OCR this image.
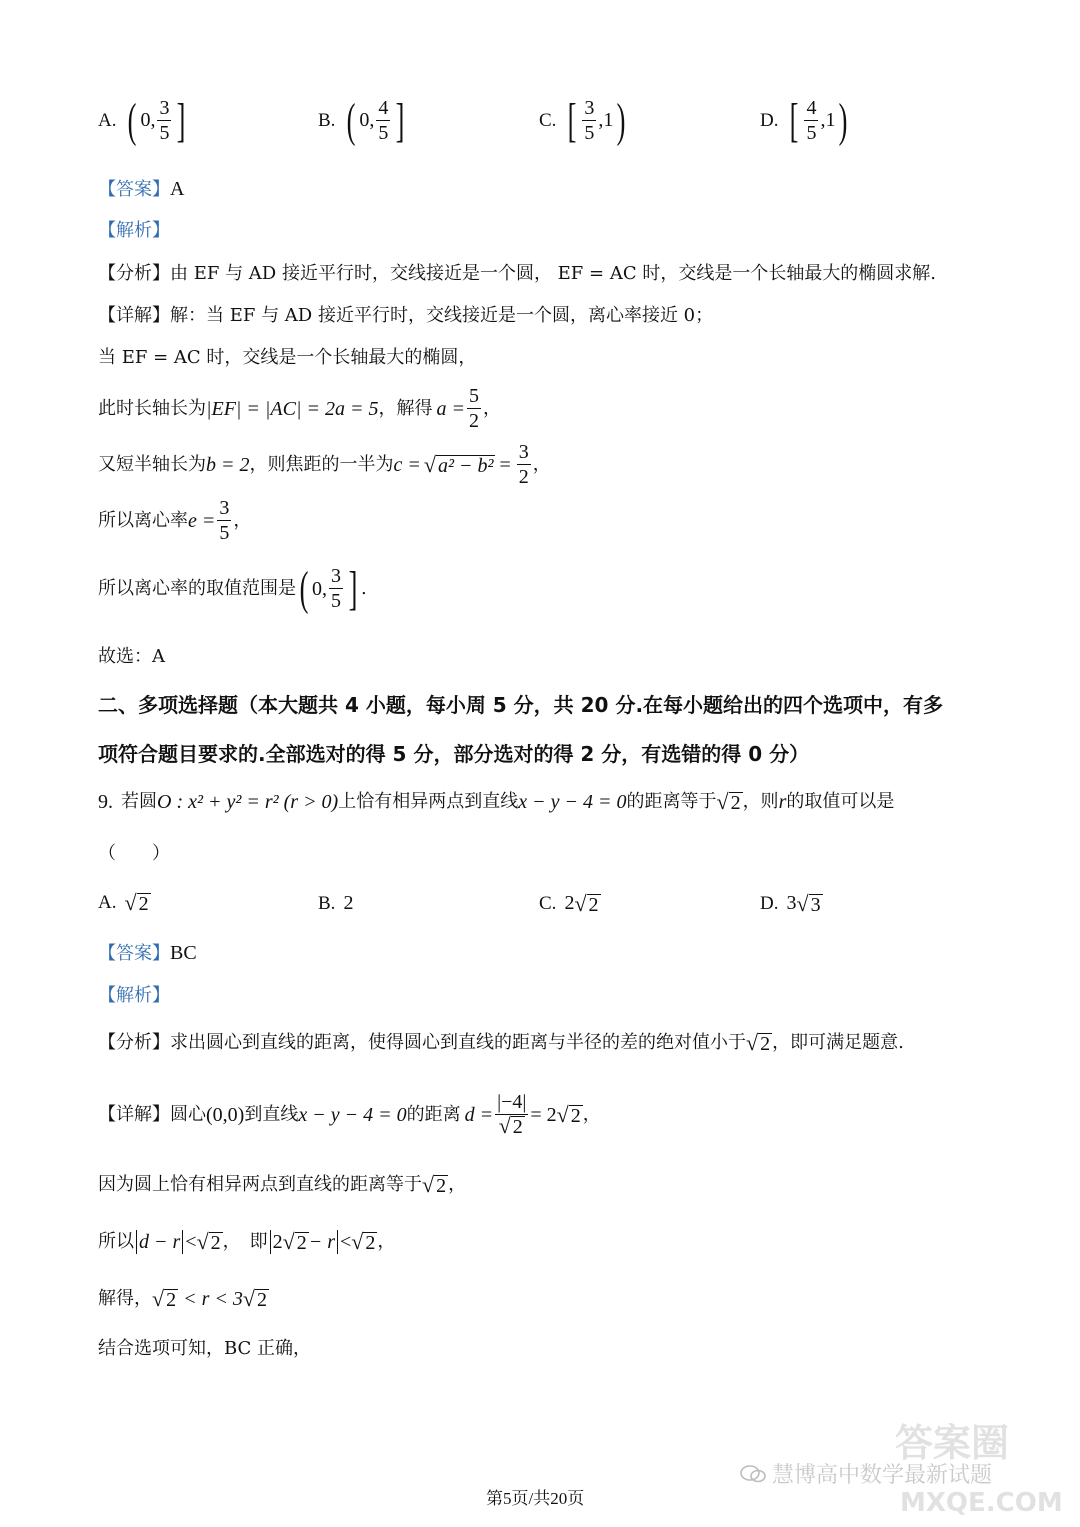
A. ( 0, $\frac{3}{5}$ ]	B. ( 0, $\frac{4}{5}$ ]	C. [ $\frac{3}{5} ,1$ )	D. [ $\frac{4}{5} ,1$ )
【答案】A
【解析】
【分析】由 EF 与 AD 接近平行时，交线接近是一个圆， EF = AC 时，交线是一个长轴最大的椭圆求解.
【详解】解：当 EF 与 AD 接近平行时，交线接近是一个圆，离心率接近 0；
当 EF = AC 时，交线是一个长轴最大的椭圆，
此时长轴长为 |EF| = |AC| = 2a = 5 ，解得 $a = \frac{5}{2}$ ，
又短半轴长为 b = 2 ，则焦距的一半为 c = √ $a^2 - b^2 = \frac{3}{2}$ ，
所以离心率 $e = \frac{3}{5}$ ，
所以离心率的取值范围是 ( 0, $\frac{3}{5}$ ] .
故选：A
二、多项选择题（本大题共 4 小题，每小周 5 分，共 20 分.在每小题给出的四个选项中，有多
项符合题目要求的.全部选对的得 5 分，部分选对的得 2 分，有选错的得 0 分）
9. 若圆 O : x² + y² = r² (r > 0) 上恰有相异两点到直线 x − y − 4 = 0 的距离等于 √ 2 ，则 r 的取值可以是
（　　）
A. √ 2	B. 2	C. 2 √ 2	D. 3 √ 3
【答案】BC
【解析】
【分析】 求出圆心到直线的距离，使得圆心到直线的距离与半径的差的绝对值小于 √ 2 ，即可满足题意.
【详解】 圆心 (0,0) 到直线 x − y − 4 = 0 的距离 $d = \frac{|-4|}{√ 2} = 2$ √ 2 ，
因为圆上恰有相异两点到直线的距离等于 √ 2 ，
所以 d − r < √ 2 ，　即 2 √ 2 − r < √ 2 ，
解得， √ 2 < r < 3 √ 2
结合选项可知，BC 正确，
第5页/共20页
慧博高中数学最新试题
答案圈
MXQE.COM
